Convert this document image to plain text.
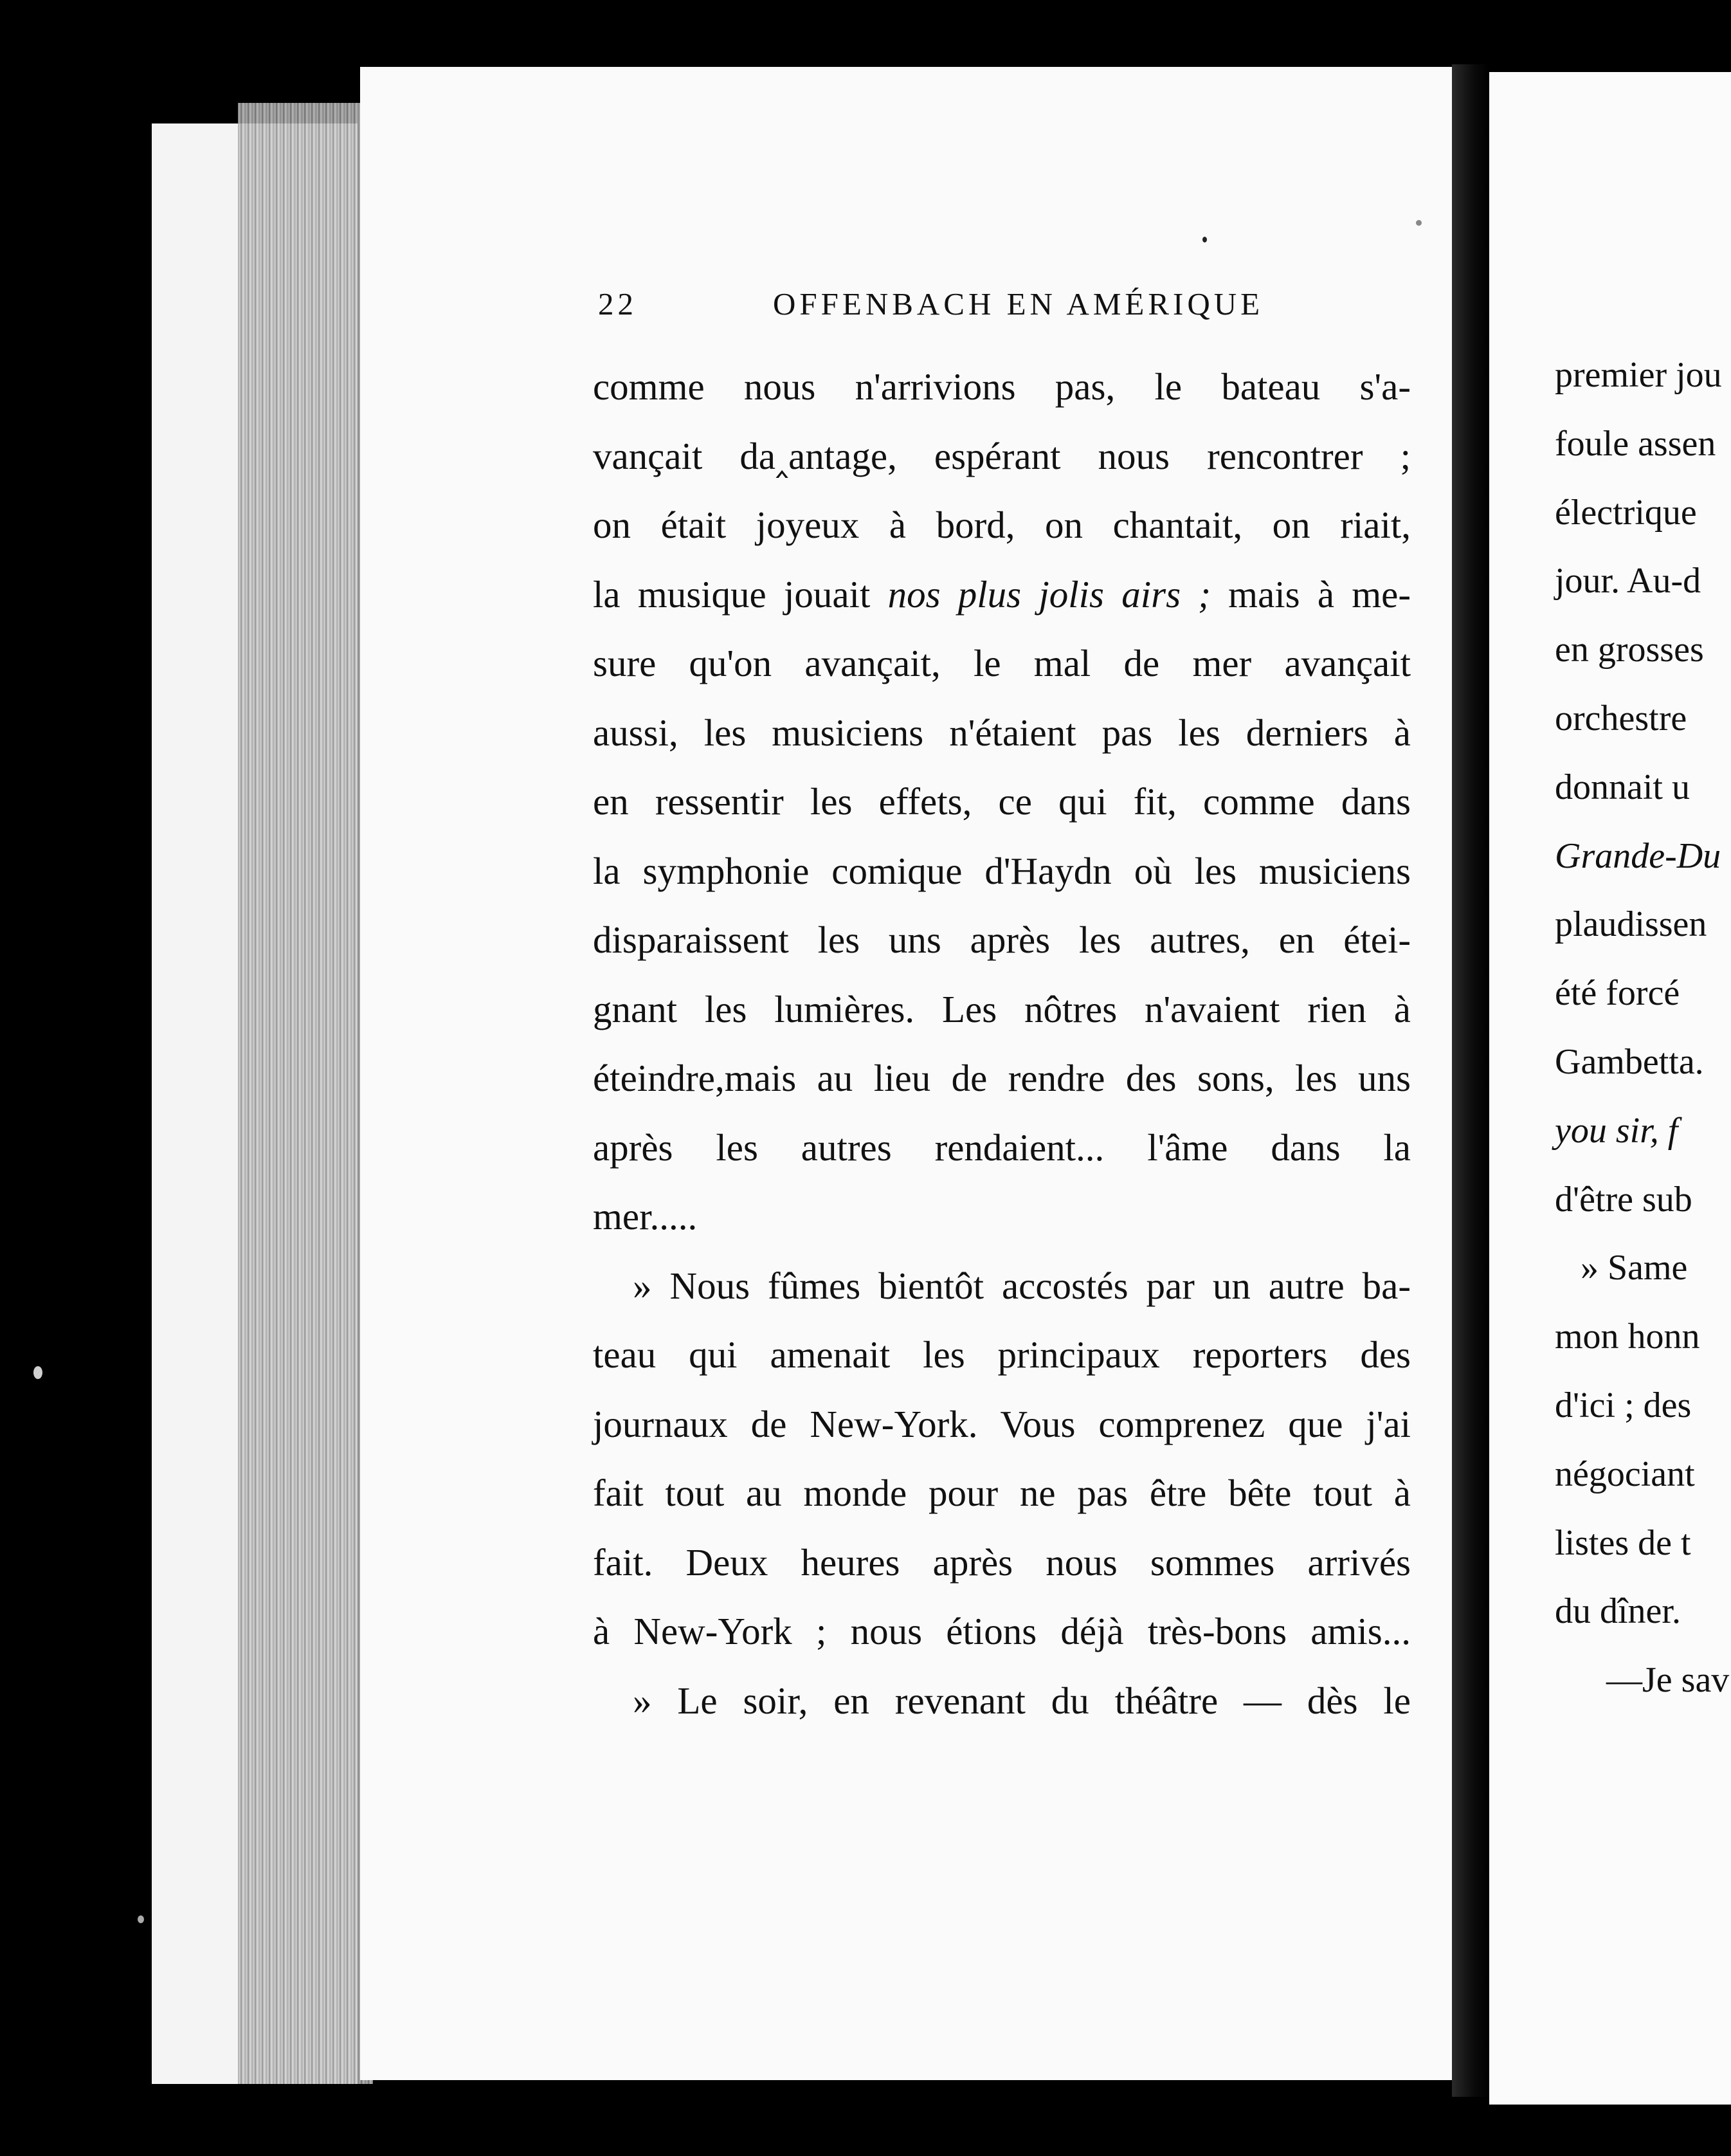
22	OFFENBACH EN AMÉRIQUE
comme nous n'arrivions pas, le bateau s'a-
vançait da‸antage, espérant nous rencontrer ;
on était joyeux à bord, on chantait, on riait,
la musique jouait nos plus jolis airs ; mais à me-
sure qu'on avançait, le mal de mer avançait
aussi, les musiciens n'étaient pas les derniers à
en ressentir les effets, ce qui fit, comme dans
la symphonie comique d'Haydn où les musiciens
disparaissent les uns après les autres, en étei-
gnant les lumières. Les nôtres n'avaient rien à
éteindre,mais au lieu de rendre des sons, les uns
après les autres rendaient... l'âme dans la
mer.....
» Nous fûmes bientôt accostés par un autre ba-
teau qui amenait les principaux reporters des
journaux de New-York. Vous comprenez que j'ai
fait tout au monde pour ne pas être bête tout à
fait. Deux heures après nous sommes arrivés
à New-York ; nous étions déjà très-bons amis...
» Le soir, en revenant du théâtre — dès le
premier jou
foule assen
électrique
jour. Au-d
en grosses
orchestre
donnait u
Grande-Du
plaudissen
été forcé
Gambetta.
you sir, f
d'être sub
» Same
mon honn
d'ici ; des
négociant
listes de t
du dîner.
—Je sav
